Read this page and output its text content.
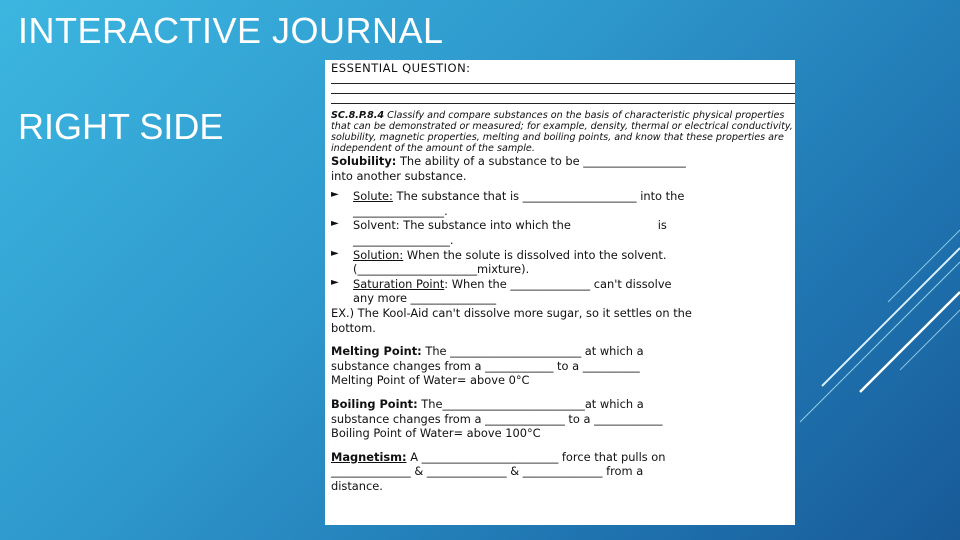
INTERACTIVE JOURNAL
RIGHT SIDE
ESSENTIAL QUESTION:
SC.8.P.8.4 Classify and compare substances on the basis of characteristic physical properties that can be demonstrated or measured; for example, density, thermal or electrical conductivity, solubility, magnetic properties, melting and boiling points, and know that these properties are independent of the amount of the sample.
Solubility: The ability of a substance to be __________________
into another substance.
► Solute: The substance that is ____________________ into the
________________.
► Solvent: The substance into which the                        is
_________________.
► Solution: When the solute is dissolved into the solvent.
(_____________________mixture).
► Saturation Point: When the ______________ can't dissolve
any more _______________
EX.) The Kool-Aid can't dissolve more sugar, so it settles on the
bottom.
Melting Point: The _______________________ at which a
substance changes from a ____________ to a __________
Melting Point of Water= above 0°C
Boiling Point: The_________________________at which a
substance changes from a ______________ to a ____________
Boiling Point of Water= above 100°C
Magnetism: A ________________________ force that pulls on
______________ & ______________ & ______________ from a
distance.
